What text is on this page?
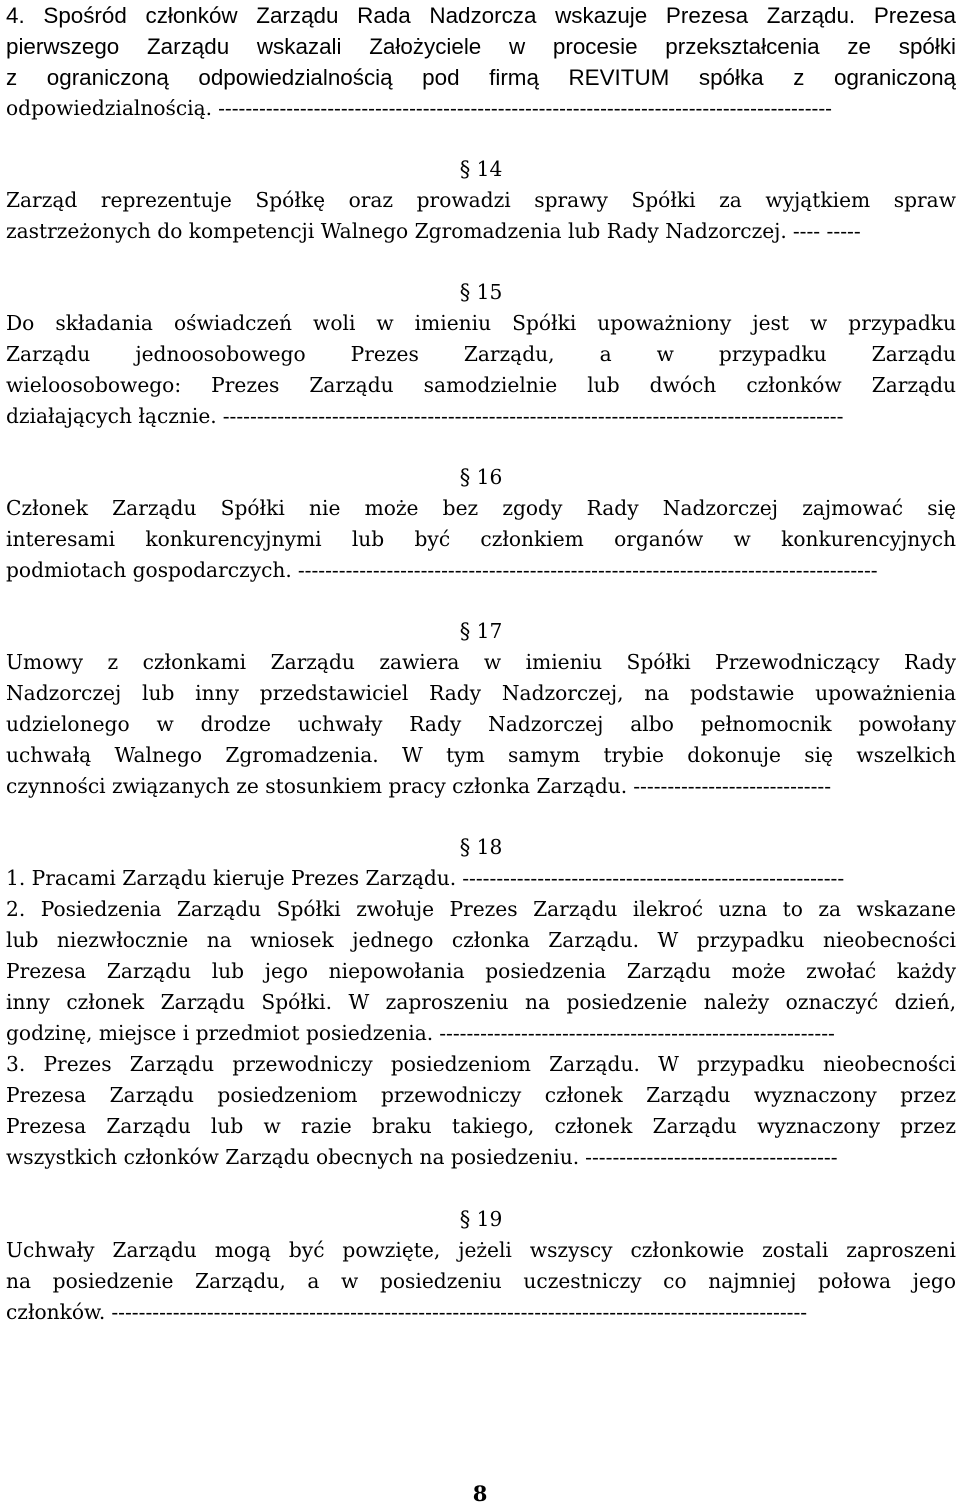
4. Spośród członków Zarządu Rada Nadzorcza wskazuje Prezesa Zarządu. Prezesa
pierwszego Zarządu wskazali Założyciele w procesie przekształcenia ze spółki
z ograniczoną odpowiedzialnością pod firmą REVITUM spółka z ograniczoną
odpowiedzialnością. ------------------------------------------------------------------------------------------
§ 14
Zarząd reprezentuje Spółkę oraz prowadzi sprawy Spółki za wyjątkiem spraw
zastrzeżonych do kompetencji Walnego Zgromadzenia lub Rady Nadzorczej. ---- -----
§ 15
Do składania oświadczeń woli w imieniu Spółki upoważniony jest w przypadku
Zarządu jednoosobowego Prezes Zarządu, a w przypadku Zarządu
wieloosobowego: Prezes Zarządu samodzielnie lub dwóch członków Zarządu
działających łącznie. -------------------------------------------------------------------------------------------
§ 16
Członek Zarządu Spółki nie może bez zgody Rady Nadzorczej zajmować się
interesami konkurencyjnymi lub być członkiem organów w konkurencyjnych
podmiotach gospodarczych. -------------------------------------------------------------------------------------
§ 17
Umowy z członkami Zarządu zawiera w imieniu Spółki Przewodniczący Rady
Nadzorczej lub inny przedstawiciel Rady Nadzorczej, na podstawie upoważnienia
udzielonego w drodze uchwały Rady Nadzorczej albo pełnomocnik powołany
uchwałą Walnego Zgromadzenia. W tym samym trybie dokonuje się wszelkich
czynności związanych ze stosunkiem pracy członka Zarządu. -----------------------------
§ 18
1. Pracami Zarządu kieruje Prezes Zarządu. --------------------------------------------------------
2. Posiedzenia Zarządu Spółki zwołuje Prezes Zarządu ilekroć uzna to za wskazane
lub niezwłocznie na wniosek jednego członka Zarządu. W przypadku nieobecności
Prezesa Zarządu lub jego niepowołania posiedzenia Zarządu może zwołać każdy
inny członek Zarządu Spółki. W zaproszeniu na posiedzenie należy oznaczyć dzień,
godzinę, miejsce i przedmiot posiedzenia. ----------------------------------------------------------
3. Prezes Zarządu przewodniczy posiedzeniom Zarządu. W przypadku nieobecności
Prezesa Zarządu posiedzeniom przewodniczy członek Zarządu wyznaczony przez
Prezesa Zarządu lub w razie braku takiego, członek Zarządu wyznaczony przez
wszystkich członków Zarządu obecnych na posiedzeniu. -------------------------------------
§ 19
Uchwały Zarządu mogą być powzięte, jeżeli wszyscy członkowie zostali zaproszeni
na posiedzenie Zarządu, a w posiedzeniu uczestniczy co najmniej połowa jego
członków. ------------------------------------------------------------------------------------------------------
8
